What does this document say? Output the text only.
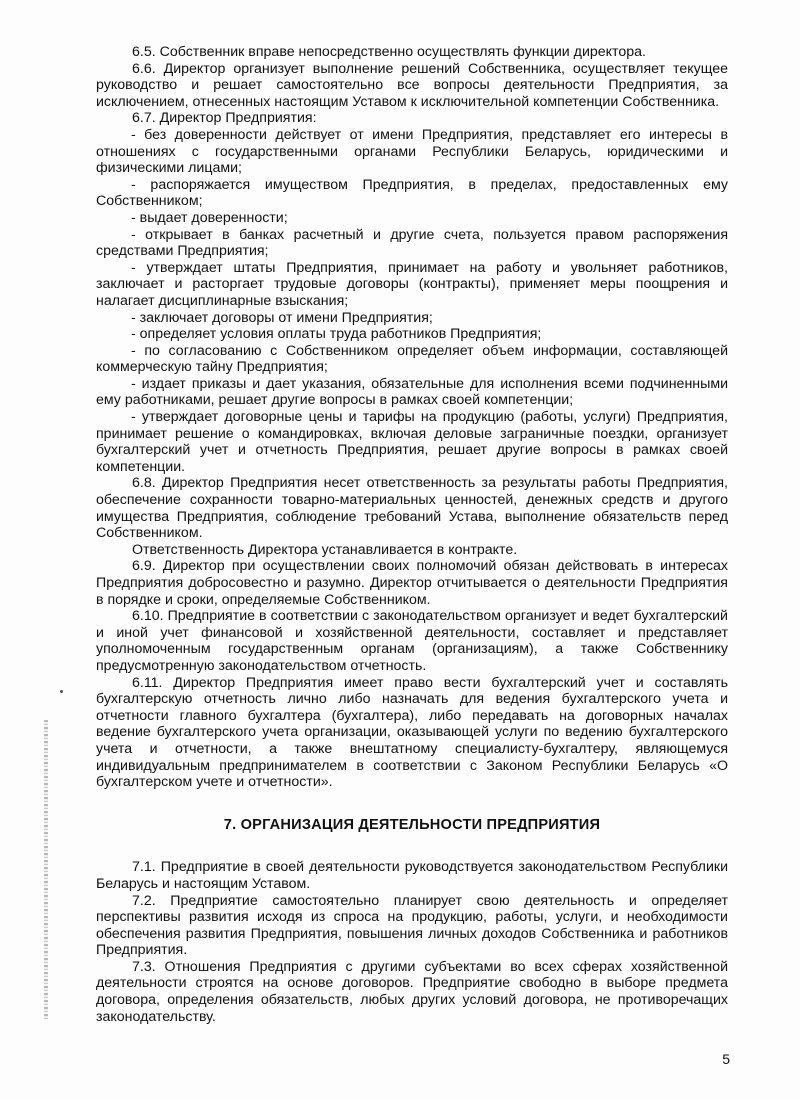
6.5. Собственник вправе непосредственно осуществлять функции директора.

6.6. Директор организует выполнение решений Собственника, осуществляет текущее руководство и решает самостоятельно все вопросы деятельности Предприятия, за исключением, отнесенных настоящим Уставом к исключительной компетенции Собственника.

6.7. Директор Предприятия:

- без доверенности действует от имени Предприятия, представляет его интересы в отношениях с государственными органами Республики Беларусь, юридическими и физическими лицами;

- распоряжается имуществом Предприятия, в пределах, предоставленных ему Собственником;

- выдает доверенности;

- открывает в банках расчетный и другие счета, пользуется правом распоряжения средствами Предприятия;

- утверждает штаты Предприятия, принимает на работу и увольняет работников, заключает и расторгает трудовые договоры (контракты), применяет меры поощрения и налагает дисциплинарные взыскания;

- заключает договоры от имени Предприятия;

- определяет условия оплаты труда работников Предприятия;

- по согласованию с Собственником определяет объем информации, составляющей коммерческую тайну Предприятия;

- издает приказы и дает указания, обязательные для исполнения всеми подчиненными ему работниками, решает другие вопросы в рамках своей компетенции;

- утверждает договорные цены и тарифы на продукцию (работы, услуги) Предприятия, принимает решение о командировках, включая деловые заграничные поездки, организует бухгалтерский учет и отчетность Предприятия, решает другие вопросы в рамках своей компетенции.

6.8. Директор Предприятия несет ответственность за результаты работы Предприятия, обеспечение сохранности товарно-материальных ценностей, денежных средств и другого имущества Предприятия, соблюдение требований Устава, выполнение обязательств перед Собственником.

Ответственность Директора устанавливается в контракте.

6.9. Директор при осуществлении своих полномочий обязан действовать в интересах Предприятия добросовестно и разумно. Директор отчитывается о деятельности Предприятия в порядке и сроки, определяемые Собственником.

6.10. Предприятие в соответствии с законодательством организует и ведет бухгалтерский и иной учет финансовой и хозяйственной деятельности, составляет и представляет уполномоченным государственным органам (организациям), а также Собственнику предусмотренную законодательством отчетность.

6.11. Директор Предприятия имеет право вести бухгалтерский учет и составлять бухгалтерскую отчетность лично либо назначать для ведения бухгалтерского учета и отчетности главного бухгалтера (бухгалтера), либо передавать на договорных началах ведение бухгалтерского учета организации, оказывающей услуги по ведению бухгалтерского учета и отчетности, а также внештатному специалисту-бухгалтеру, являющемуся индивидуальным предпринимателем в соответствии с Законом Республики Беларусь «О бухгалтерском учете и отчетности».

7. ОРГАНИЗАЦИЯ ДЕЯТЕЛЬНОСТИ ПРЕДПРИЯТИЯ

7.1. Предприятие в своей деятельности руководствуется законодательством Республики Беларусь и настоящим Уставом.

7.2. Предприятие самостоятельно планирует свою деятельность и определяет перспективы развития исходя из спроса на продукцию, работы, услуги, и необходимости обеспечения развития Предприятия, повышения личных доходов Собственника и работников Предприятия.

7.3. Отношения Предприятия с другими субъектами во всех сферах хозяйственной деятельности строятся на основе договоров. Предприятие свободно в выборе предмета договора, определения обязательств, любых других условий договора, не противоречащих законодательству.

5
